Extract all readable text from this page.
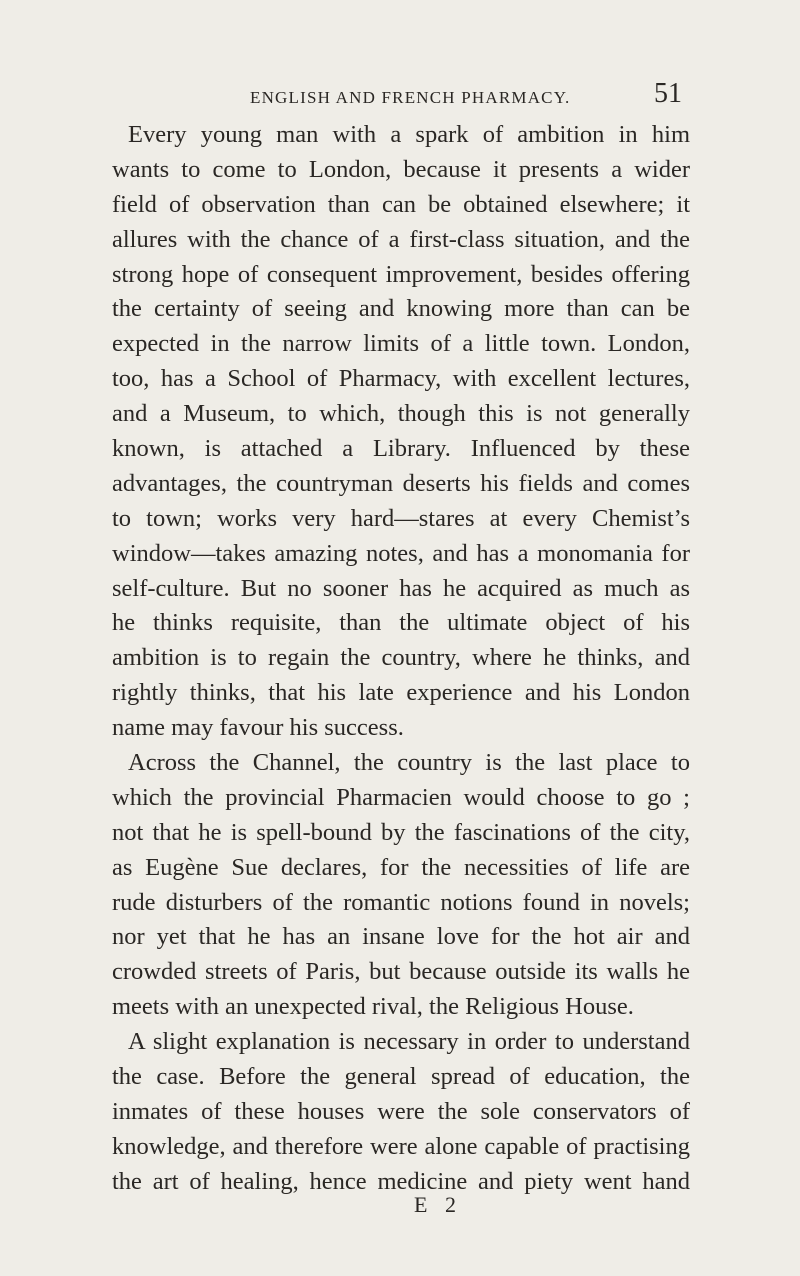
ENGLISH AND FRENCH PHARMACY.	51
Every young man with a spark of ambition in him
wants to come to London, because it presents a wider
field of observation than can be obtained elsewhere; it
allures with the chance of a first-class situation, and the
strong hope of consequent improvement, besides offering
the certainty of seeing and knowing more than can be
expected in the narrow limits of a little town. London,
too, has a School of Pharmacy, with excellent lectures,
and a Museum, to which, though this is not generally
known, is attached a Library. Influenced by these
advantages, the countryman deserts his fields and comes
to town; works very hard—stares at every Chemist’s
window—takes amazing notes, and has a monomania for
self-culture. But no sooner has he acquired as much as
he thinks requisite, than the ultimate object of his
ambition is to regain the country, where he thinks, and
rightly thinks, that his late experience and his London
name may favour his success.
Across the Channel, the country is the last place to
which the provincial Pharmacien would choose to go ;
not that he is spell-bound by the fascinations of the city,
as Eugène Sue declares, for the necessities of life are
rude disturbers of the romantic notions found in novels;
nor yet that he has an insane love for the hot air and
crowded streets of Paris, but because outside its walls he
meets with an unexpected rival, the Religious House.
A slight explanation is necessary in order to understand
the case. Before the general spread of education, the
inmates of these houses were the sole conservators of
knowledge, and therefore were alone capable of practising
the art of healing, hence medicine and piety went hand
E 2
